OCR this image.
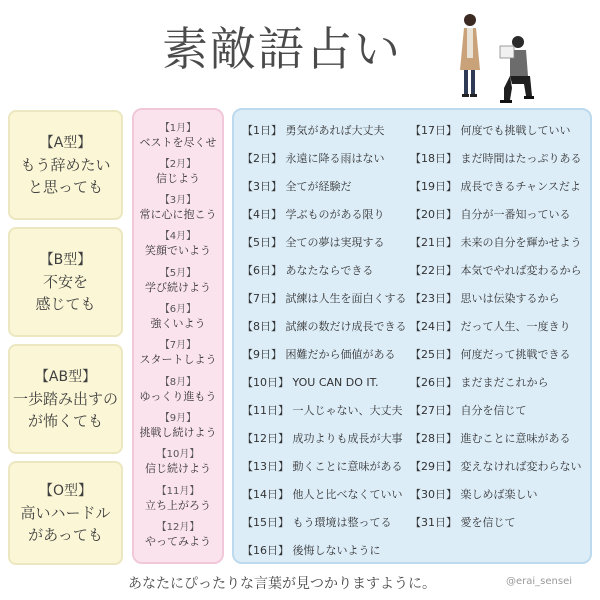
素敵語占い
【A型】
もう辞めたい
と思っても
【B型】
不安を
感じても
【AB型】
一歩踏み出すの
が怖くても
【O型】
高いハードル
があっても
【1月】
ベストを尽くせ
【2月】
信じよう
【3月】
常に心に抱こう
【4月】
笑顔でいよう
【5月】
学び続けよう
【6月】
強くいよう
【7月】
スタートしよう
【8月】
ゆっくり進もう
【9月】
挑戦し続けよう
【10月】
信じ続けよう
【11月】
立ち上がろう
【12月】
やってみよう
【1日】 勇気があれば大丈夫
【2日】 永遠に降る雨はない
【3日】 全てが経験だ
【4日】 学ぶものがある限り
【5日】 全ての夢は実現する
【6日】 あなたならできる
【7日】 試練は人生を面白くする
【8日】 試練の数だけ成長できる
【9日】 困難だから価値がある
【10日】 YOU CAN DO IT.
【11日】 一人じゃない、大丈夫
【12日】 成功よりも成長が大事
【13日】 動くことに意味がある
【14日】 他人と比べなくていい
【15日】 もう環境は整ってる
【16日】 後悔しないように
【17日】 何度でも挑戦していい
【18日】 まだ時間はたっぷりある
【19日】 成長できるチャンスだよ
【20日】 自分が一番知っている
【21日】 未来の自分を輝かせよう
【22日】 本気でやれば変わるから
【23日】 思いは伝染するから
【24日】 だって人生、一度きり
【25日】 何度だって挑戦できる
【26日】 まだまだこれから
【27日】 自分を信じて
【28日】 進むことに意味がある
【29日】 変えなければ変わらない
【30日】 楽しめば楽しい
【31日】 愛を信じて
あなたにぴったりな言葉が見つかりますように。	@erai_sensei
